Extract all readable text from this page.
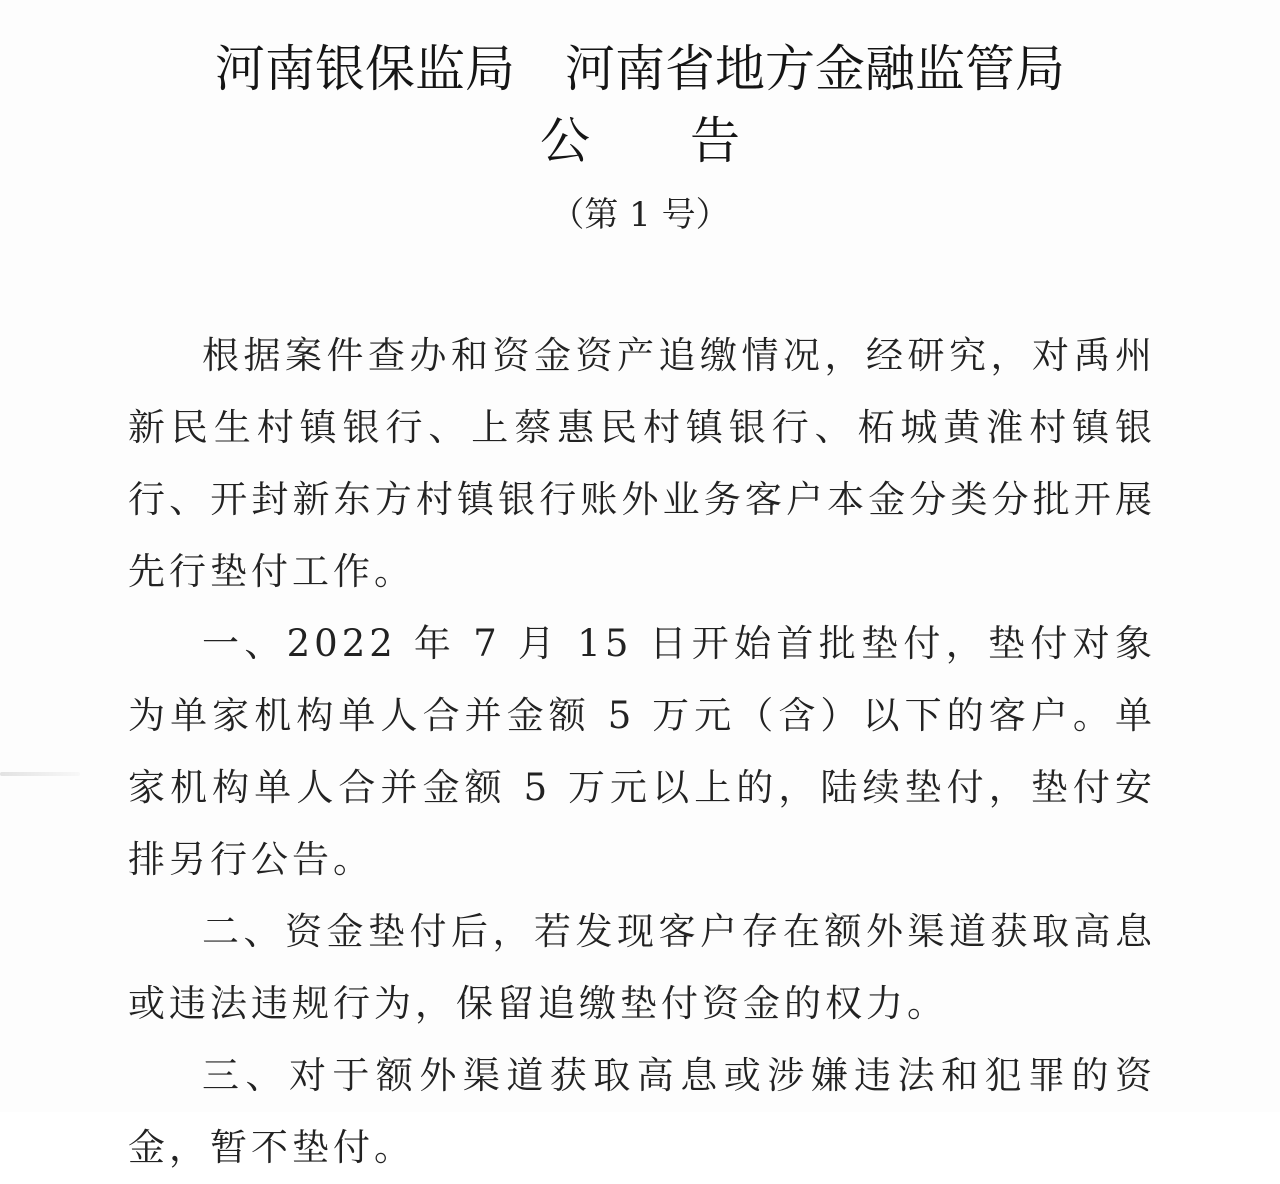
河南银保监局　河南省地方金融监管局
公　　告
（第 1 号）

根据案件查办和资金资产追缴情况，经研究，对禹州新民生村镇银行、上蔡惠民村镇银行、柘城黄淮村镇银行、开封新东方村镇银行账外业务客户本金分类分批开展先行垫付工作。

一、2022 年 7 月 15 日开始首批垫付，垫付对象为单家机构单人合并金额 5 万元（含）以下的客户。单家机构单人合并金额 5 万元以上的，陆续垫付，垫付安排另行公告。

二、资金垫付后，若发现客户存在额外渠道获取高息或违法违规行为，保留追缴垫付资金的权力。

三、对于额外渠道获取高息或涉嫌违法和犯罪的资金，暂不垫付。
